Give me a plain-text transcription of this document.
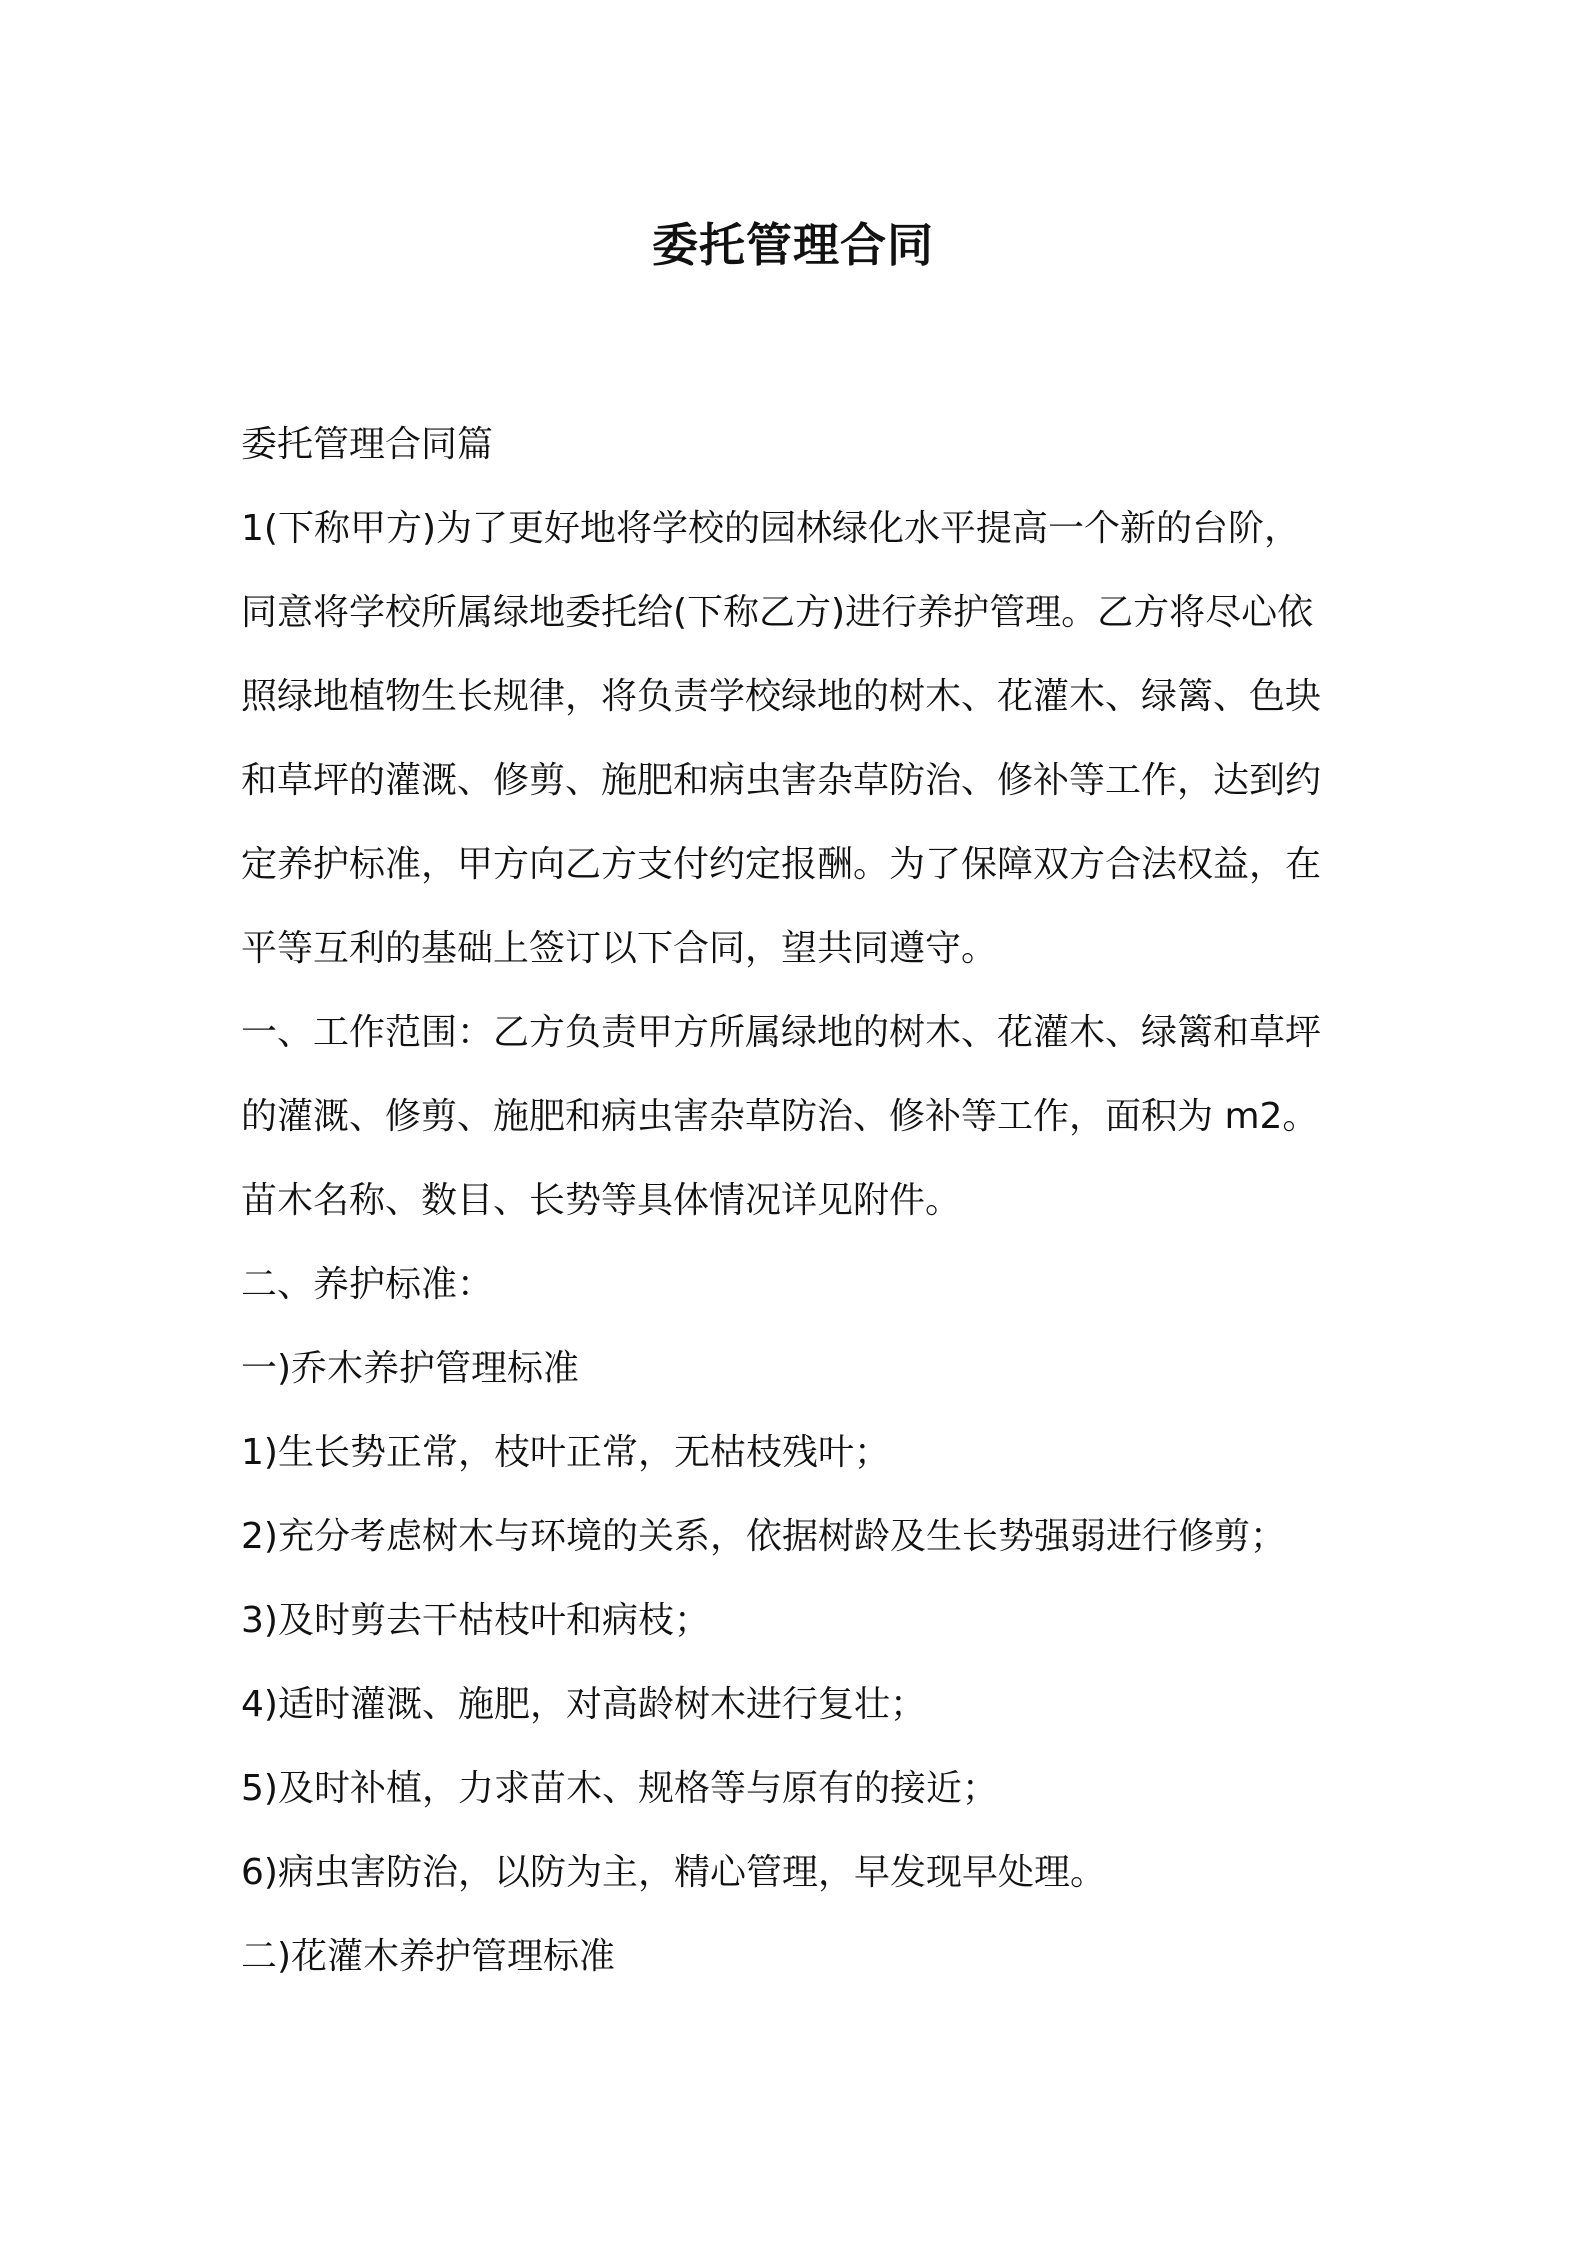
委托管理合同

委托管理合同篇

1(下称甲方)为了更好地将学校的园林绿化水平提高一个新的台阶，

同意将学校所属绿地委托给(下称乙方)进行养护管理。乙方将尽心依

照绿地植物生长规律，将负责学校绿地的树木、花灌木、绿篱、色块

和草坪的灌溉、修剪、施肥和病虫害杂草防治、修补等工作，达到约

定养护标准，甲方向乙方支付约定报酬。为了保障双方合法权益，在

平等互利的基础上签订以下合同，望共同遵守。

一、工作范围：乙方负责甲方所属绿地的树木、花灌木、绿篱和草坪

的灌溉、修剪、施肥和病虫害杂草防治、修补等工作，面积为 m2。

苗木名称、数目、长势等具体情况详见附件。

二、养护标准：

一)乔木养护管理标准

1)生长势正常，枝叶正常，无枯枝残叶；

2)充分考虑树木与环境的关系，依据树龄及生长势强弱进行修剪；

3)及时剪去干枯枝叶和病枝；

4)适时灌溉、施肥，对高龄树木进行复壮；

5)及时补植，力求苗木、规格等与原有的接近；

6)病虫害防治，以防为主，精心管理，早发现早处理。

二)花灌木养护管理标准
